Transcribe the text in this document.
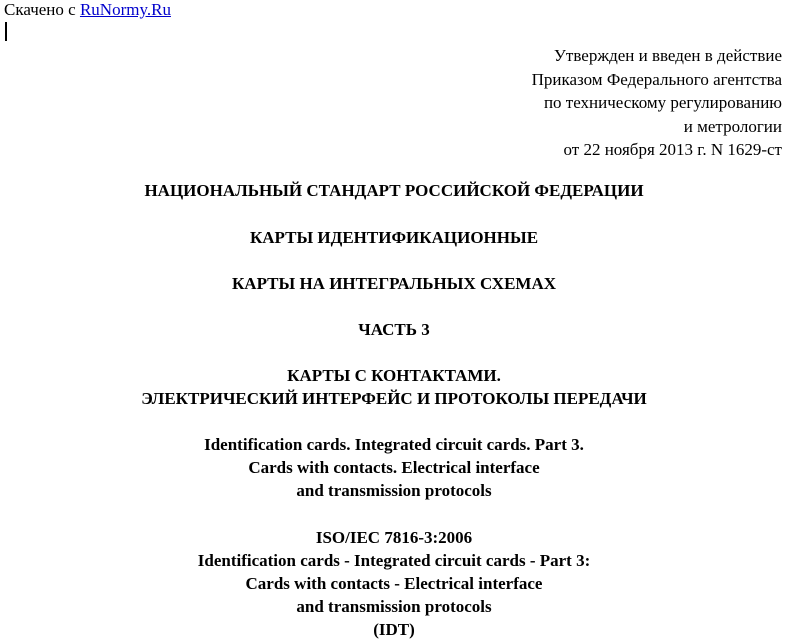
Скачено с RuNormy.Ru
Утвержден и введен в действие
Приказом Федерального агентства
по техническому регулированию
и метрологии
от 22 ноября 2013 г. N 1629-ст
НАЦИОНАЛЬНЫЙ СТАНДАРТ РОССИЙСКОЙ ФЕДЕРАЦИИ
КАРТЫ ИДЕНТИФИКАЦИОННЫЕ
КАРТЫ НА ИНТЕГРАЛЬНЫХ СХЕМАХ
ЧАСТЬ 3
КАРТЫ С КОНТАКТАМИ.
ЭЛЕКТРИЧЕСКИЙ ИНТЕРФЕЙС И ПРОТОКОЛЫ ПЕРЕДАЧИ
Identification cards. Integrated circuit cards. Part 3.
Cards with contacts. Electrical interface
and transmission protocols
ISO/IEC 7816-3:2006
Identification cards - Integrated circuit cards - Part 3:
Cards with contacts - Electrical interface
and transmission protocols
(IDT)
